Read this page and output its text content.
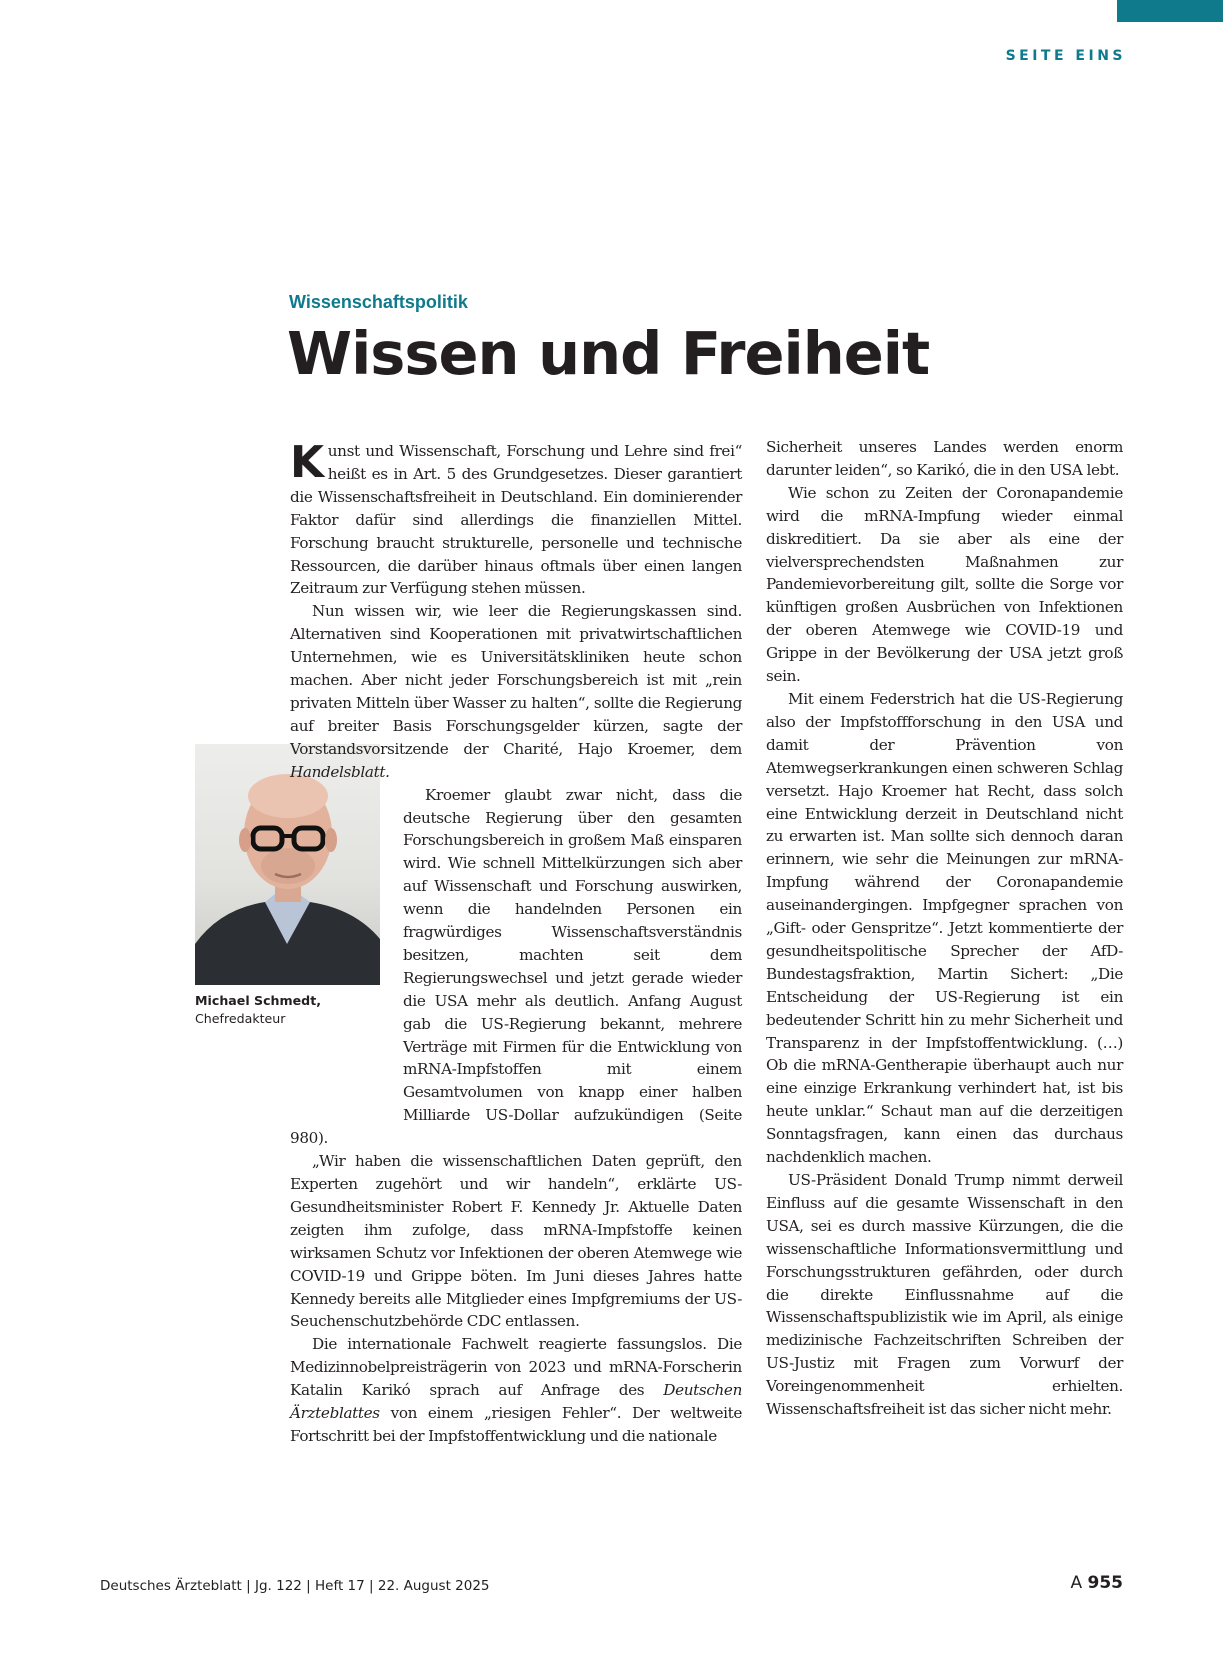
SEITE EINS
Wissenschaftspolitik
Wissen und Freiheit
Michael Schmedt,
Chefredakteur

Kunst und Wissenschaft, Forschung und Lehre sind frei“ heißt es in Art. 5 des Grundgesetzes. Dieser garantiert die Wissenschaftsfreiheit in Deutschland. Ein dominierender Faktor dafür sind allerdings die finanziellen Mittel. Forschung braucht strukturelle, personelle und technische Ressourcen, die darüber hinaus oftmals über einen langen Zeitraum zur Verfügung stehen müssen.

Nun wissen wir, wie leer die Regierungskassen sind. Alternativen sind Kooperationen mit privatwirtschaftlichen Unternehmen, wie es Universitätskliniken heute schon machen. Aber nicht jeder Forschungsbereich ist mit „rein privaten Mitteln über Wasser zu halten“, sollte die Regierung auf breiter Basis Forschungsgelder kürzen, sagte der Vorstandsvorsitzende der Charité, Hajo Kroemer, dem Handelsblatt.

Kroemer glaubt zwar nicht, dass die deutsche Regierung über den gesamten Forschungsbereich in großem Maß einsparen wird. Wie schnell Mittelkürzungen sich aber auf Wissenschaft und Forschung auswirken, wenn die handelnden Personen ein fragwürdiges Wissenschaftsverständnis besitzen, machten seit dem Regierungswechsel und jetzt gerade wieder die USA mehr als deutlich. Anfang August gab die US-Regierung bekannt, mehrere Verträge mit Firmen für die Entwicklung von mRNA-Impfstoffen mit einem Gesamtvolumen von knapp einer halben Milliarde US-Dollar aufzukündigen (Seite 980).

„Wir haben die wissenschaftlichen Daten geprüft, den Experten zugehört und wir handeln“, erklärte US-Gesundheitsminister Robert F. Kennedy Jr. Aktuelle Daten zeigten ihm zufolge, dass mRNA-Impfstoffe keinen wirksamen Schutz vor Infektionen der oberen Atemwege wie COVID-19 und Grippe böten. Im Juni dieses Jahres hatte Kennedy bereits alle Mitglieder eines Impfgremiums der US-Seuchenschutzbehörde CDC entlassen.

Die internationale Fachwelt reagierte fassungslos. Die Medizinnobelpreisträgerin von 2023 und mRNA-Forscherin Katalin Karikó sprach auf Anfrage des Deutschen Ärzteblattes von einem „riesigen Fehler“. Der weltweite Fortschritt bei der Impfstoffentwicklung und die nationale

Sicherheit unseres Landes werden enorm darunter leiden“, so Karikó, die in den USA lebt.

Wie schon zu Zeiten der Coronapandemie wird die mRNA-Impfung wieder einmal diskreditiert. Da sie aber als eine der vielversprechendsten Maßnahmen zur Pandemievorbereitung gilt, sollte die Sorge vor künftigen großen Ausbrüchen von Infektionen der oberen Atemwege wie COVID-19 und Grippe in der Bevölkerung der USA jetzt groß sein.

Mit einem Federstrich hat die US-Regierung also der Impfstoffforschung in den USA und damit der Prävention von Atemwegserkrankungen einen schweren Schlag versetzt. Hajo Kroemer hat Recht, dass solch eine Entwicklung derzeit in Deutschland nicht zu erwarten ist. Man sollte sich dennoch daran erinnern, wie sehr die Meinungen zur mRNA-Impfung während der Coronapandemie auseinandergingen. Impfgegner sprachen von „Gift- oder Genspritze“. Jetzt kommentierte der gesundheitspolitische Sprecher der AfD-Bundestagsfraktion, Martin Sichert: „Die Entscheidung der US-Regierung ist ein bedeutender Schritt hin zu mehr Sicherheit und Transparenz in der Impfstoffentwicklung. (…) Ob die mRNA-Gentherapie überhaupt auch nur eine einzige Erkrankung verhindert hat, ist bis heute unklar.“ Schaut man auf die derzeitigen Sonntagsfragen, kann einen das durchaus nachdenklich machen.

US-Präsident Donald Trump nimmt derweil Einfluss auf die gesamte Wissenschaft in den USA, sei es durch massive Kürzungen, die die wissenschaftliche Informationsvermittlung und Forschungsstrukturen gefährden, oder durch die direkte Einflussnahme auf die Wissenschaftspublizistik wie im April, als einige medizinische Fachzeitschriften Schreiben der US-Justiz mit Fragen zum Vorwurf der Voreingenommenheit erhielten. Wissenschaftsfreiheit ist das sicher nicht mehr.

Deutsches Ärzteblatt | Jg. 122 | Heft 17 | 22. August 2025	A 955
